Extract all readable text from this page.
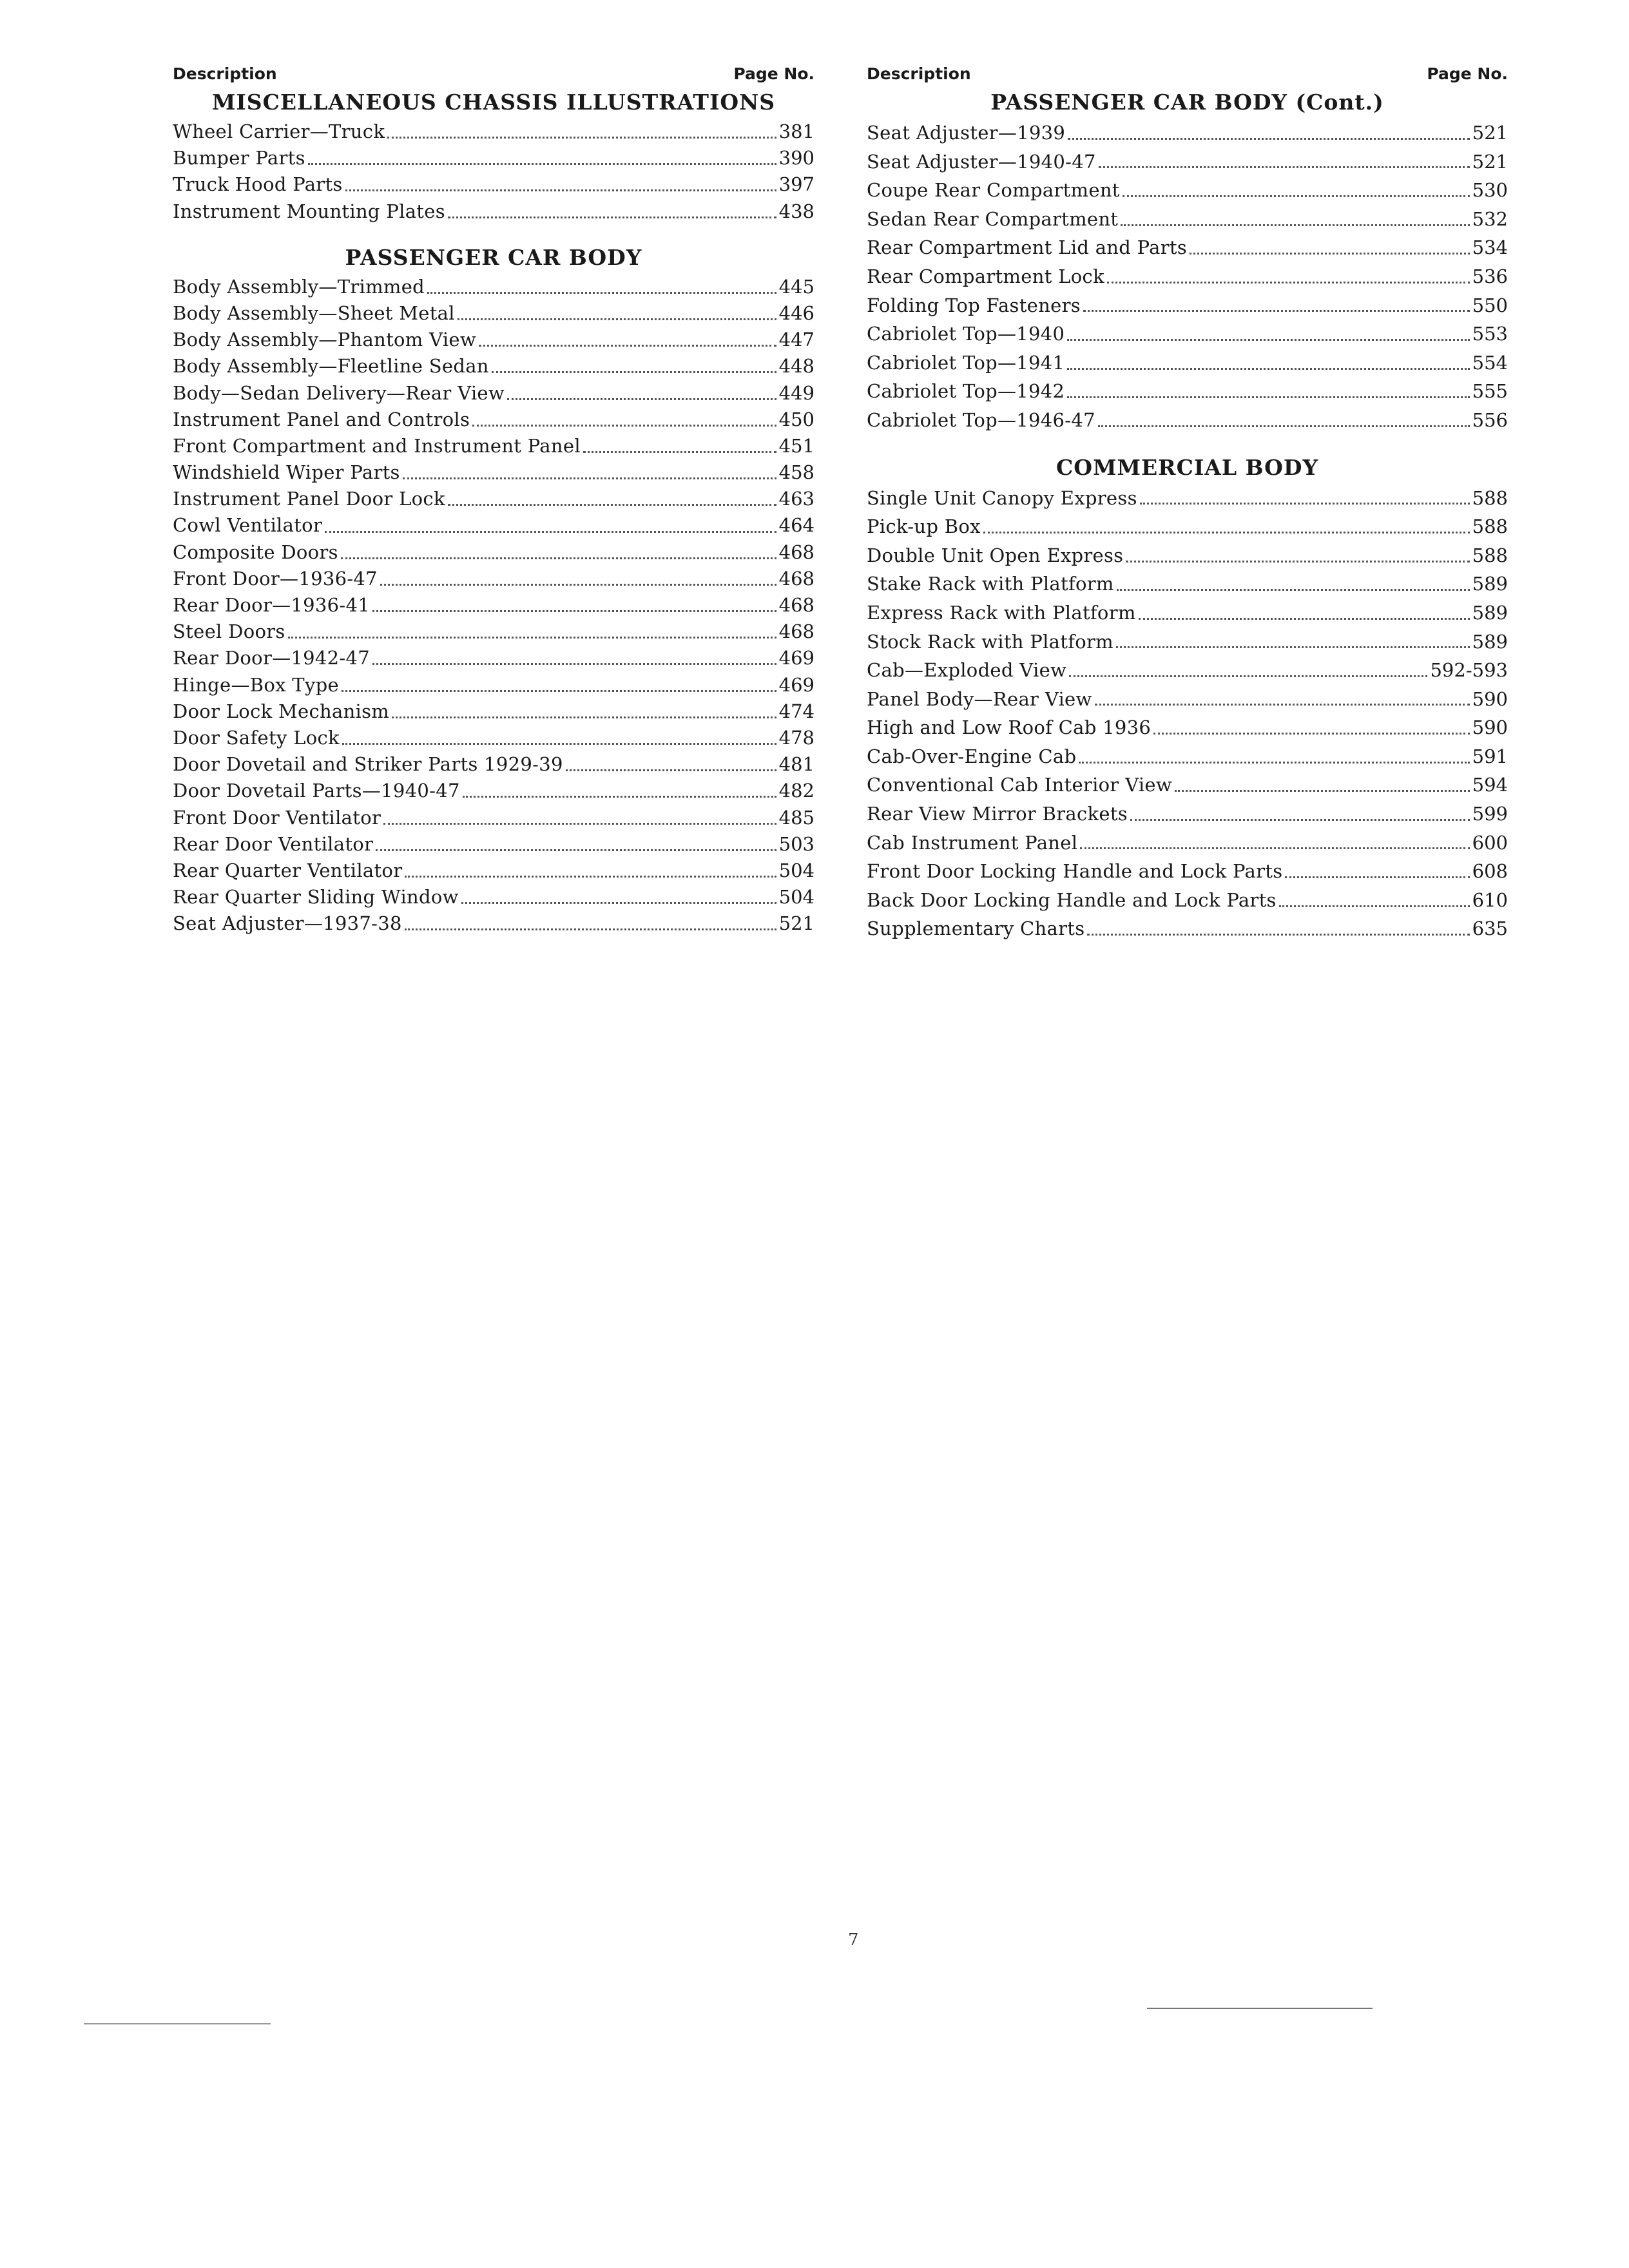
Description	Page No.
MISCELLANEOUS CHASSIS ILLUSTRATIONS
Wheel Carrier—Truck	381
Bumper Parts	390
Truck Hood Parts	397
Instrument Mounting Plates	438
PASSENGER CAR BODY
Body Assembly—Trimmed	445
Body Assembly—Sheet Metal	446
Body Assembly—Phantom View	447
Body Assembly—Fleetline Sedan	448
Body—Sedan Delivery—Rear View	449
Instrument Panel and Controls	450
Front Compartment and Instrument Panel	451
Windshield Wiper Parts	458
Instrument Panel Door Lock	463
Cowl Ventilator	464
Composite Doors	468
Front Door—1936-47	468
Rear Door—1936-41	468
Steel Doors	468
Rear Door—1942-47	469
Hinge—Box Type	469
Door Lock Mechanism	474
Door Safety Lock	478
Door Dovetail and Striker Parts 1929-39	481
Door Dovetail Parts—1940-47	482
Front Door Ventilator	485
Rear Door Ventilator	503
Rear Quarter Ventilator	504
Rear Quarter Sliding Window	504
Seat Adjuster—1937-38	521
Description	Page No.
PASSENGER CAR BODY (Cont.)
Seat Adjuster—1939	521
Seat Adjuster—1940-47	521
Coupe Rear Compartment	530
Sedan Rear Compartment	532
Rear Compartment Lid and Parts	534
Rear Compartment Lock	536
Folding Top Fasteners	550
Cabriolet Top—1940	553
Cabriolet Top—1941	554
Cabriolet Top—1942	555
Cabriolet Top—1946-47	556
COMMERCIAL BODY
Single Unit Canopy Express	588
Pick-up Box	588
Double Unit Open Express	588
Stake Rack with Platform	589
Express Rack with Platform	589
Stock Rack with Platform	589
Cab—Exploded View	592-593
Panel Body—Rear View	590
High and Low Roof Cab 1936	590
Cab-Over-Engine Cab	591
Conventional Cab Interior View	594
Rear View Mirror Brackets	599
Cab Instrument Panel	600
Front Door Locking Handle and Lock Parts	608
Back Door Locking Handle and Lock Parts	610
Supplementary Charts	635
7
